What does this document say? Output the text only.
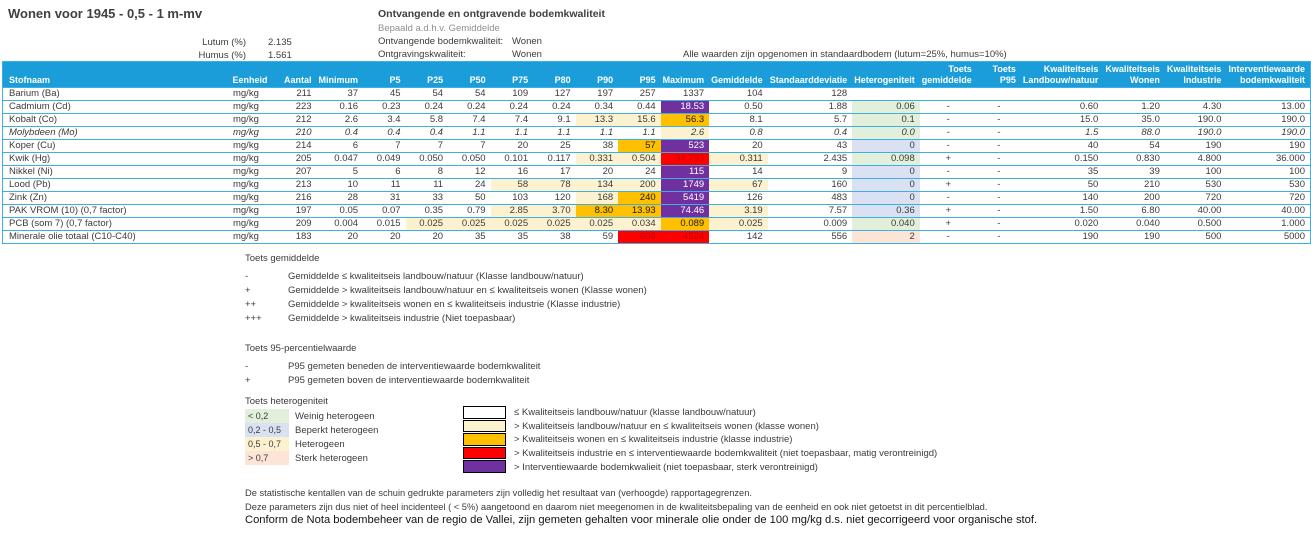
Wonen voor 1945 - 0,5 - 1 m-mv
Lutum (%) 2.135
Humus (%) 1.561
Ontvangende en ontgravende bodemkwaliteit
Bepaald a.d.h.v. Gemiddelde
Ontvangende bodemkwaliteit: Wonen
Ontgravingskwaliteit:	Wonen	Alle waarden zijn opgenomen in standaardbodem (lutum=25%, humus=10%)
Stofnaam	Eenheid	Aantal	Minimum	P5	P25	P50	P75	P80	P90	P95	Maximum	Gemiddelde	Standaarddeviatie	Heterogeniteit	Toets gemiddelde	Toets P95	Kwaliteitseis Landbouw/natuur	Kwaliteitseis Wonen	Kwaliteitseis Industrie	Interventiewaarde bodemkwaliteit
Barium (Ba)	mg/kg	211	37	45	54	54	109	127	197	257	1337	104	128							
Cadmium (Cd)	mg/kg	223	0.16	0.23	0.24	0.24	0.24	0.24	0.34	0.44	18.53	0.50	1.88	0.06	-	-	0.60	1.20	4.30	13.00
Kobalt (Co)	mg/kg	212	2.6	3.4	5.8	7.4	7.4	9.1	13.3	15.6	56.3	8.1	5.7	0.1	-	-	15.0	35.0	190.0	190.0
Molybdeen (Mo)	mg/kg	210	0.4	0.4	0.4	1.1	1.1	1.1	1.1	1.1	2.6	0.8	0.4	0.0	-	-	1.5	88.0	190.0	190.0
Koper (Cu)	mg/kg	214	6	7	7	7	20	25	38	57	523	20	43	0	-	-	40	54	190	190
Kwik (Hg)	mg/kg	205	0.047	0.049	0.050	0.050	0.101	0.117	0.331	0.504	34.793	0.311	2.435	0.098	+	-	0.150	0.830	4.800	36.000
Nikkel (Ni)	mg/kg	207	5	6	8	12	16	17	20	24	115	14	9	0	-	-	35	39	100	100
Lood (Pb)	mg/kg	213	10	11	11	24	58	78	134	200	1749	67	160	0	+	-	50	210	530	530
Zink (Zn)	mg/kg	216	28	31	33	50	103	120	168	240	5419	126	483	0	-	-	140	200	720	720
PAK VROM (10) (0,7 factor)	mg/kg	197	0.05	0.07	0.35	0.79	2.85	3.70	8.30	13.93	74.46	3.19	7.57	0.36	+	-	1.50	6.80	40.00	40.00
PCB (som 7) (0,7 factor)	mg/kg	209	0.004	0.015	0.025	0.025	0.025	0.025	0.025	0.034	0.089	0.025	0.009	0.040	+	-	0.020	0.040	0.500	1.000
Minerale olie totaal (C10-C40)	mg/kg	183	20	20	20	35	35	38	59	608	4524	142	556	2	-	-	190	190	500	5000
Toets gemiddelde
-	Gemiddelde ≤ kwaliteitseis landbouw/natuur (Klasse landbouw/natuur)
+	Gemiddelde > kwaliteitseis landbouw/natuur en ≤ kwaliteitseis wonen (Klasse wonen)
++	Gemiddelde > kwaliteitseis wonen en ≤ kwaliteitseis industrie (Klasse industrie)
+++	Gemiddelde > kwaliteitseis industrie (Niet toepasbaar)
Toets 95-percentielwaarde
-	P95 gemeten beneden de interventiewaarde bodemkwaliteit
+	P95 gemeten boven de interventiewaarde bodemkwaliteit
Toets heterogeniteit
< 0,2	Weinig heterogeen
0,2 - 0,5	Beperkt heterogeen
0,5 - 0,7	Heterogeen
> 0,7	Sterk heterogeen
≤ Kwaliteitseis landbouw/natuur (klasse landbouw/natuur)
> Kwaliteitseis landbouw/natuur en ≤ kwaliteitseis wonen (klasse wonen)
> Kwaliteitseis wonen en ≤ kwaliteitseis industrie (klasse industrie)
> Kwaliteitseis industrie en ≤ interventiewaarde bodemkwaliteit (niet toepasbaar, matig verontreinigd)
> Interventiewaarde bodemkwalieit (niet toepasbaar, sterk verontreinigd)
De statistische kentallen van de schuin gedrukte parameters zijn volledig het resultaat van (verhoogde) rapportagegrenzen.
Deze parameters zijn dus niet of heel incidenteel ( < 5%) aangetoond en daarom niet meegenomen in de kwaliteitsbepaling van de eenheid en ook niet getoetst in dit percentielblad.
Conform de Nota bodembeheer van de regio de Vallei, zijn gemeten gehalten voor minerale olie onder de 100 mg/kg d.s. niet gecorrigeerd voor organische stof.
